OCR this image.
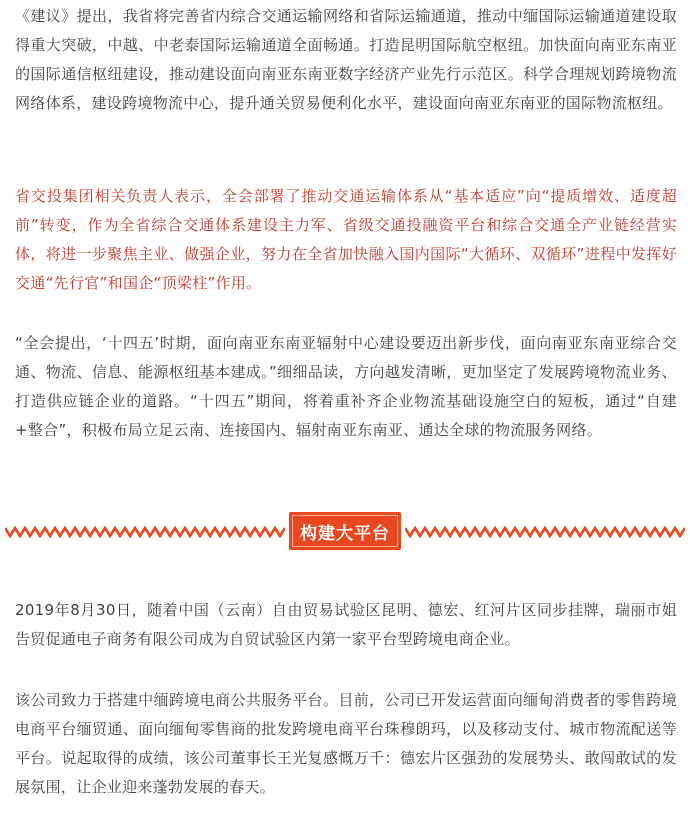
《建议》提出，我省将完善省内综合交通运输网络和省际运输通道，推动中缅国际运输通道建设取得重大突破，中越、中老泰国际运输通道全面畅通。打造昆明国际航空枢纽。加快面向南亚东南亚的国际通信枢纽建设，推动建设面向南亚东南亚数字经济产业先行示范区。科学合理规划跨境物流网络体系，建设跨境物流中心，提升通关贸易便利化水平，建设面向南亚东南亚的国际物流枢纽。

省交投集团相关负责人表示，全会部署了推动交通运输体系从“基本适应”向“提质增效、适度超前”转变，作为全省综合交通体系建设主力军、省级交通投融资平台和综合交通全产业链经营实体，将进一步聚焦主业、做强企业，努力在全省加快融入国内国际“大循环、双循环”进程中发挥好交通“先行官”和国企“顶梁柱”作用。

“全会提出，‘十四五’时期，面向南亚东南亚辐射中心建设要迈出新步伐，面向南亚东南亚综合交通、物流、信息、能源枢纽基本建成。”细细品读，方向越发清晰，更加坚定了发展跨境物流业务、打造供应链企业的道路。“十四五”期间，将着重补齐企业物流基础设施空白的短板，通过“自建+整合”，积极布局立足云南、连接国内、辐射南亚东南亚、通达全球的物流服务网络。

构建大平台

2019年8月30日，随着中国（云南）自由贸易试验区昆明、德宏、红河片区同步挂牌，瑞丽市姐告贸促通电子商务有限公司成为自贸试验区内第一家平台型跨境电商企业。

该公司致力于搭建中缅跨境电商公共服务平台。目前，公司已开发运营面向缅甸消费者的零售跨境电商平台缅贸通、面向缅甸零售商的批发跨境电商平台珠穆朗玛，以及移动支付、城市物流配送等平台。说起取得的成绩，该公司董事长王光复感慨万千：德宏片区强劲的发展势头、敢闯敢试的发展氛围，让企业迎来蓬勃发展的春天。
